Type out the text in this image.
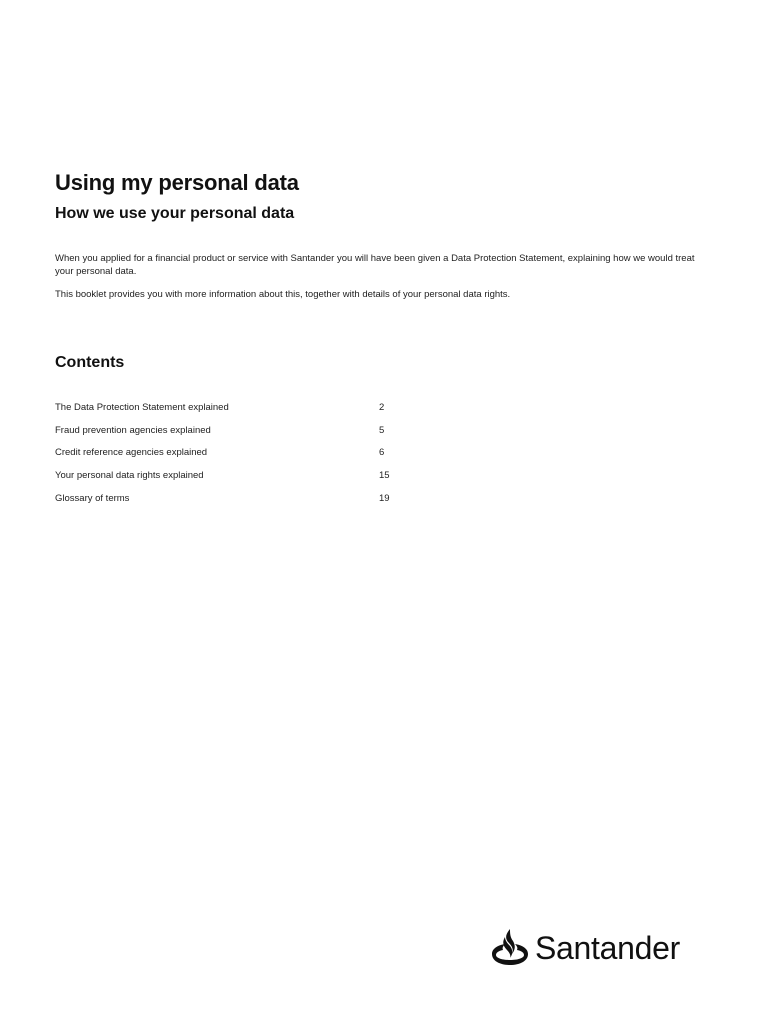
Using my personal data
How we use your personal data

When you applied for a financial product or service with Santander you will have been given a Data Protection Statement, explaining how we would treat your personal data.

This booklet provides you with more information about this, together with details of your personal data rights.

Contents
The Data Protection Statement explained	2
Fraud prevention agencies explained	5
Credit reference agencies explained	6
Your personal data rights explained	15
Glossary of terms	19
Santander
